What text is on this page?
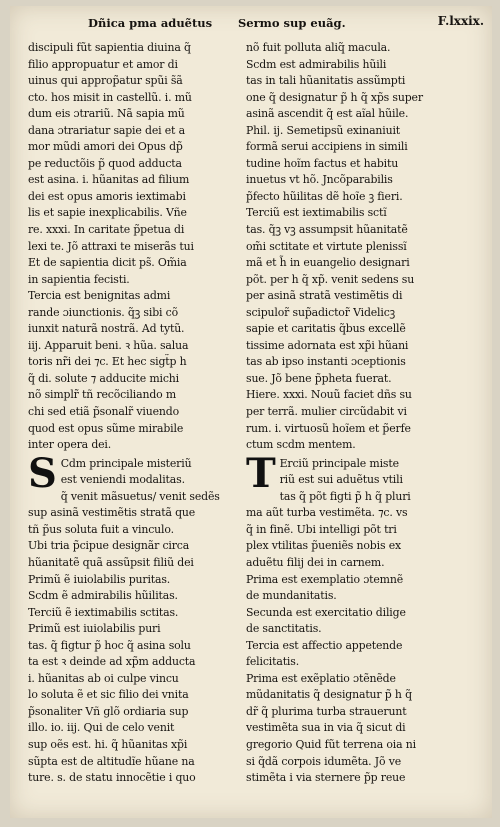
Dñica pma aduẽtus Sermo sup euãg.	F.lxxix.
discipuli fũt sapientia diuina q̃
filio appropuatur et amor di
uinus qui approp̃atur spũi s̃ã
cto. hos misit in castellũ. i. mũ
dum eis ɔtrariũ. Nã sapia mũ
dana ɔtrariatur sapie dei et a
mor mũdi amori dei Opus dp̃
pe reductõis p̃ quod adducta
est asina. i. hũanitas ad filium
dei est opus amoris iextimabi
lis et sapie inexplicabilis. Vñe
re. xxxi. In caritate p̃petua di
lexi te. Jõ attraxi te miserãs tui
Et de sapientia dicit ps̃. Om̃ia
in sapientia fecisti.
Tercia est benignitas admi
rande ɔiunctionis. q̃ꝫ sibi cõ
iunxit naturã nostrã. Ad tytũ.
iij. Apparuit beni. ꝛ hũa. salua
toris nr̃i dei ⁊c. Et hec sigt̃p h
q̃ di. solute ⁊ adducite michi
nõ simplr̃ tñ recõciliando m
chi sed etiã p̃sonalr̃ viuendo
quod est opus sũme mirabile
inter opera dei.
S Cdm principale misteriũ
est veniendi modalitas.
q̃ venit mãsuetus/ venit sedẽs
sup asinã vestimẽtis stratã que
tñ p̃us soluta fuit a vinculo.
Ubi tria p̃cipue designãr circa
hũanitatẽ quã assũpsit filiũ dei
Primũ ẽ iuiolabilis puritas.
Scdm ẽ admirabilis hũilitas.
Terciũ ẽ iextimabilis sctitas.
Primũ est iuiolabilis puri
tas. q̃ figtur p̃ hoc q̃ asina solu
ta est ꝛ deinde ad xp̃m adducta
i. hũanitas ab oi culpe vincu
lo soluta ẽ et sic filio dei vnita
p̃sonaliter Vñ glõ ordiaria sup
illo. io. iij. Qui de celo venit
sup oẽs est. hi. q̃ hũanitas xp̃i
sũpta est de altitudĩe hũane na
ture. s. de statu innocẽtie i quo
nõ fuit polluta aliq̃ macula.
Scdm est admirabilis hũili
tas in tali hũanitatis assũmpti
one q̃ designatur p̃ h q̃ xp̃s super
asinã ascendit q̃ est aĩal hũile.
Phil. ij. Semetipsũ exinaniuit
formã serui accipiens in simili
tudine hoĩm factus et habitu
inuetus vt hõ. Jncõparabilis
p̃fecto hũilitas dẽ hoĩe ꝫ fieri.
Terciũ est iextimabilis sctĩ
tas. q̃ꝫ vꝫ assumpsit hũanitatẽ
om̃i sctitate et virtute plenissĩ
mã et h̃ in euangelio designari
põt. per h q̃ xp̃. venit sedens su
per asinã stratã vestimẽtis di
scipulor̃ sup̃adictor̃ Videlicꝫ
sapie et caritatis q̃bus excellẽ
tissime adornata est xp̃i hũani
tas ab ipso instanti ɔceptionis
sue. Jõ bene p̃pheta fuerat.
Hiere. xxxi. Nouũ faciet dñs su
per terrã. mulier circũdabit vi
rum. i. virtuosũ hoĩem et p̃erfe
ctum scdm mentem.
T Erciũ principale miste
riũ est sui aduẽtus vtili
tas q̃ põt figti p̃ h q̃ pluri
ma aũt turba vestimẽta. ⁊c. vs
q̃ in finẽ. Ubi intelligi põt tri
plex vtilitas p̃ueniẽs nobis ex
aduẽtu filij dei in carnem.
Prima est exemplatio ɔtemnẽ
de mundanitatis.
Secunda est exercitatio dilige
de sanctitatis.
Tercia est affectio appetende
felicitatis.
Prima est exẽplatio ɔtẽnẽde
mũdanitatis q̃ designatur p̃ h q̃
dr̃ q̃ plurima turba strauerunt
vestimẽta sua in via q̃ sicut di
gregorio Quid fũt terrena oia ni
si q̃dã corpois idumẽta. Jõ ve
stimẽta i via sternere p̃p reue
